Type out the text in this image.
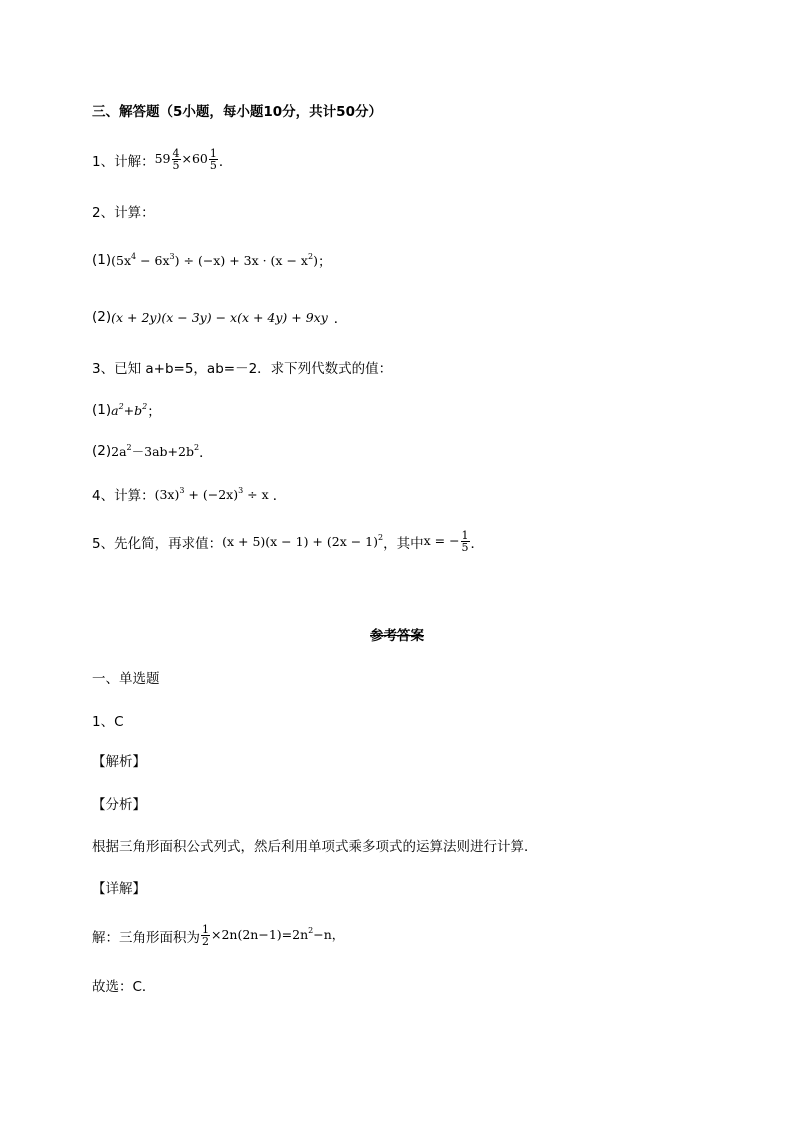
三、解答题（5小题，每小题10分，共计50分）
1、计解： $59 \frac{4}{5} \times 60 \frac{1}{5}$ ．
2、计算：
(1) $(5x^4 - 6x^3) \div (-x) + 3x \cdot (x - x^2)$ ；
(2) (x + 2y)(x − 3y) − x(x + 4y) + 9xy ．
3、已知 a+b=5，ab=－2．求下列代数式的值：
(1) $a^2+b^2$ ；
(2) $2a^2-3ab+2b^2$ ．
4、计算： $(3x)^3 + (-2x)^3 \div x$ ．
5、先化简，再求值： $(x + 5)(x - 1) + (2x - 1)^2$ ，其中 x = − $\frac{1}{5}$ ．
参考答案
一、单选题
1、C
【解析】
【分析】
根据三角形面积公式列式，然后利用单项式乘多项式的运算法则进行计算．
【详解】
解：三角形面积为 $\frac{1}{2} \times 2n(2n-1)=2n^2-n$，
故选：C．
